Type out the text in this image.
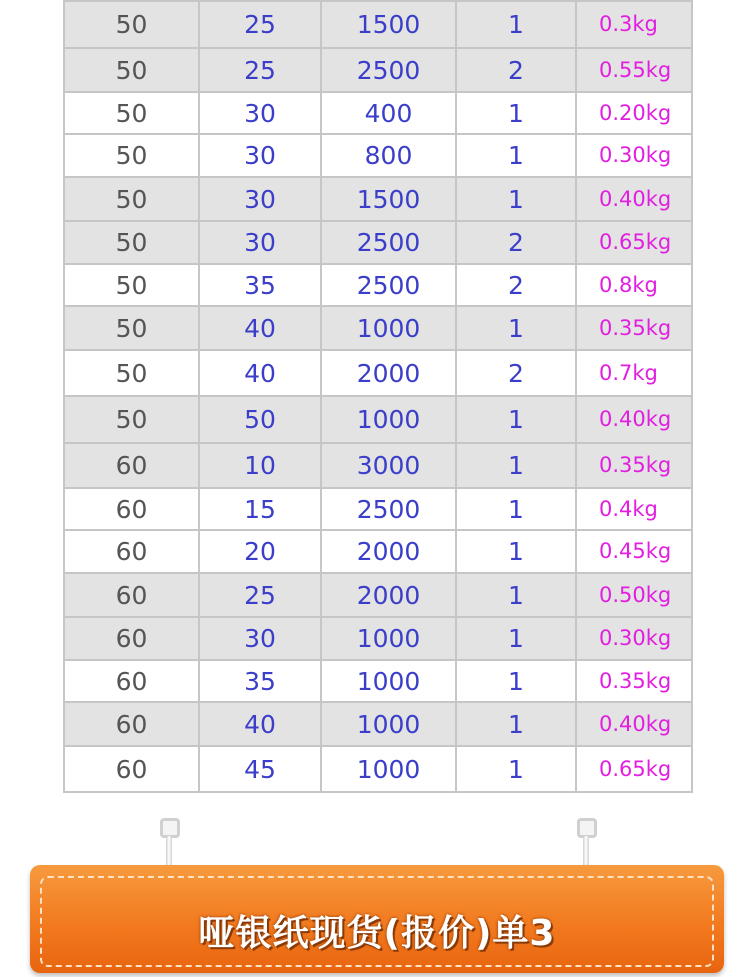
50	25	1500	1	0.3kg
50	25	2500	2	0.55kg
50	30	400	1	0.20kg
50	30	800	1	0.30kg
50	30	1500	1	0.40kg
50	30	2500	2	0.65kg
50	35	2500	2	0.8kg
50	40	1000	1	0.35kg
50	40	2000	2	0.7kg
50	50	1000	1	0.40kg
60	10	3000	1	0.35kg
60	15	2500	1	0.4kg
60	20	2000	1	0.45kg
60	25	2000	1	0.50kg
60	30	1000	1	0.30kg
60	35	1000	1	0.35kg
60	40	1000	1	0.40kg
60	45	1000	1	0.65kg
哑银纸现货(报价)单3
